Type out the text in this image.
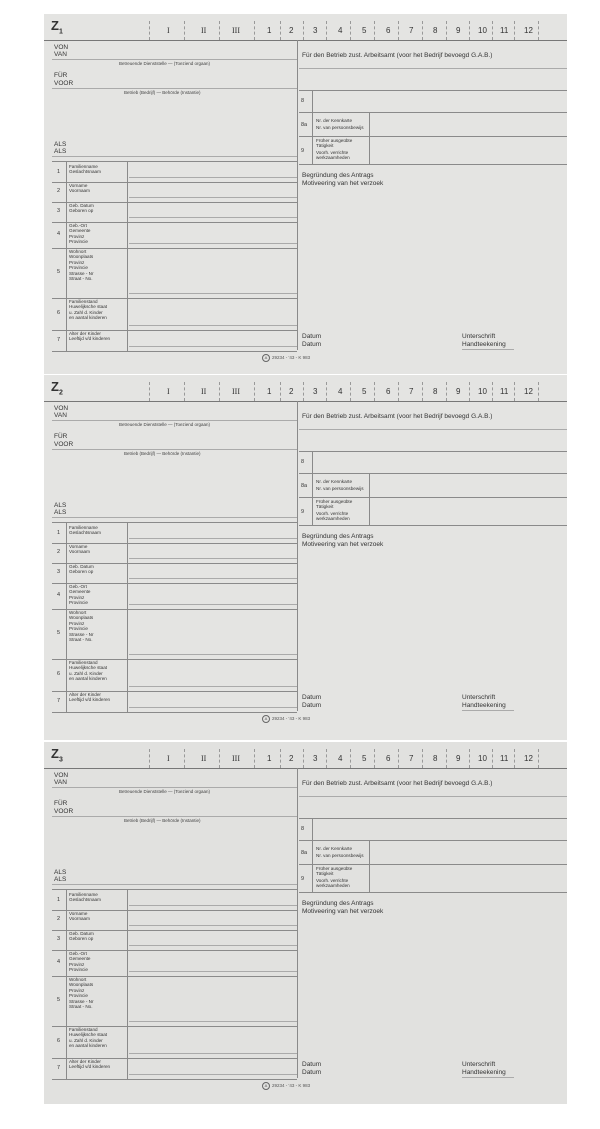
$Z_1$	I	II	III	1 2 3	4 5 6 7 8 9 10 11 12
VON
VAN
Betreuende Dienststelle — (Toeziend orgaan)
FÜR
VOOR
Betrieb (Bedrijf) — Behörde (Instantie)
ALS
ALS
1
Familienname
Geslachtsnaam
2
Vorname
Voornaam
3
Geb. Datum
Geboren op
4
Geb.-Ort
Gemeente
Provinz
Provincie
5
Wohnort
Woonplaats
Provinz
Provincie
Strasse - Nr
Straat - No.
6
Familienstand
Huwelijksche staat
u. Zahl d. Kinder
en aantal kinderen
7
Alter der Kinder
Leeftijd v/d kinderen
Für den Betrieb zust. Arbeitsamt (voor het Bedrijf bevoegd G.A.B.)
8
8a
Nr. der Kennkarte
Nr. van persoonsbewijs
9
Früher ausgeübte
Tätigkeit
Voorh. verrichte
werkzaamheden
Begründung des Antrags
Motiveering van het verzoek
Datum
Datum
Unterschrift
Handteekening
A 29234 - '43 - K 983
$Z_2$	I	II	III	1 2 3	4 5 6 7 8 9 10 11 12
VON
VAN
Betreuende Dienststelle — (Toeziend orgaan)
FÜR
VOOR
Betrieb (Bedrijf) — Behörde (Instantie)
ALS
ALS
1
Familienname
Geslachtsnaam
2
Vorname
Voornaam
3
Geb. Datum
Geboren op
4
Geb.-Ort
Gemeente
Provinz
Provincie
5
Wohnort
Woonplaats
Provinz
Provincie
Strasse - Nr
Straat - No.
6
Familienstand
Huwelijksche staat
u. Zahl d. Kinder
en aantal kinderen
7
Alter der Kinder
Leeftijd v/d kinderen
Für den Betrieb zust. Arbeitsamt (voor het Bedrijf bevoegd G.A.B.)
8
8a
Nr. der Kennkarte
Nr. van persoonsbewijs
9
Früher ausgeübte
Tätigkeit
Voorh. verrichte
werkzaamheden
Begründung des Antrags
Motiveering van het verzoek
Datum
Datum
Unterschrift
Handteekening
A 29234 - '43 - K 983
$Z_3$	I	II	III	1 2 3	4 5 6 7 8 9 10 11 12
VON
VAN
Betreuende Dienststelle — (Toeziend orgaan)
FÜR
VOOR
Betrieb (Bedrijf) — Behörde (Instantie)
ALS
ALS
1
Familienname
Geslachtsnaam
2
Vorname
Voornaam
3
Geb. Datum
Geboren op
4
Geb.-Ort
Gemeente
Provinz
Provincie
5
Wohnort
Woonplaats
Provinz
Provincie
Strasse - Nr
Straat - No.
6
Familienstand
Huwelijksche staat
u. Zahl d. Kinder
en aantal kinderen
7
Alter der Kinder
Leeftijd v/d kinderen
Für den Betrieb zust. Arbeitsamt (voor het Bedrijf bevoegd G.A.B.)
8
8a
Nr. der Kennkarte
Nr. van persoonsbewijs
9
Früher ausgeübte
Tätigkeit
Voorh. verrichte
werkzaamheden
Begründung des Antrags
Motiveering van het verzoek
Datum
Datum
Unterschrift
Handteekening
A 29234 - '43 - K 983
